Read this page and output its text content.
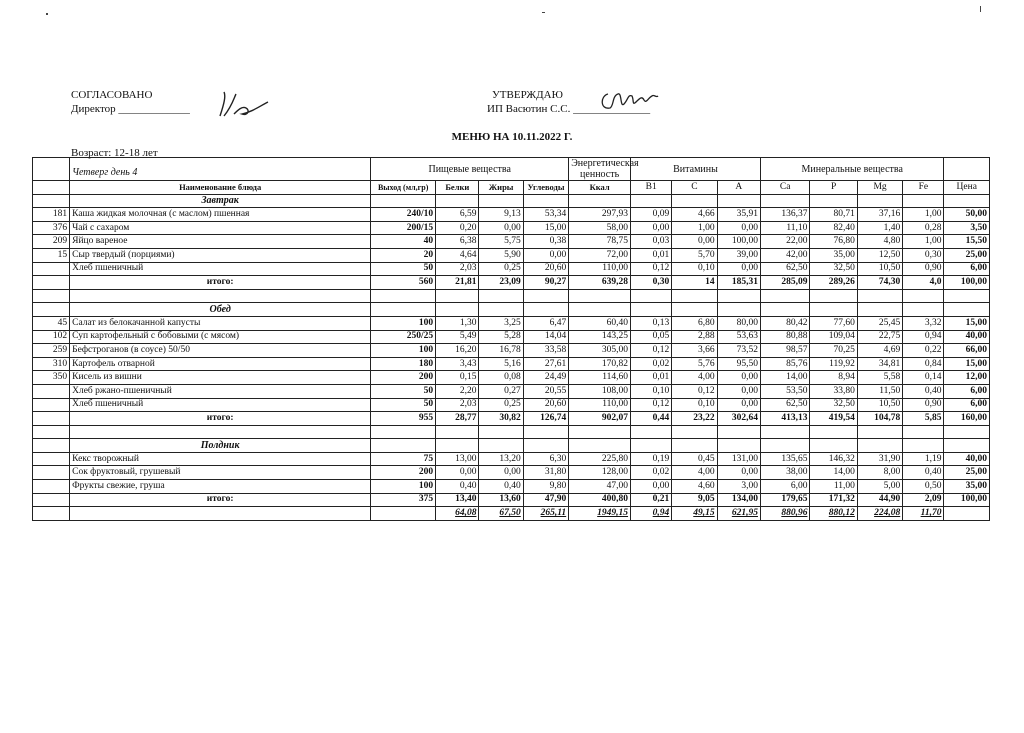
СОГЛАСОВАНО
Директор _____________
УТВЕРЖДАЮ
ИП Васютин С.С. ______________
МЕНЮ НА 10.11.2022 Г.
Возраст: 12-18 лет
	Четверг день 4	Пищевые вещества				Энергетическая ценность	Витамины			Минеральные вещества				
	Наименование блюда	Выход (мл,гр)	Белки	Жиры	Углеводы	Ккал	B1	C	A	Ca	P	Mg	Fe	Цена
	Завтрак													
181	Каша жидкая молочная (с маслом) пшенная	240/10	6,59	9,13	53,34	297,93	0,09	4,66	35,91	136,37	80,71	37,16	1,00	50,00
376	Чай с сахаром	200/15	0,20	0,00	15,00	58,00	0,00	1,00	0,00	11,10	82,40	1,40	0,28	3,50
209	Яйцо вареное	40	6,38	5,75	0,38	78,75	0,03	0,00	100,00	22,00	76,80	4,80	1,00	15,50
15	Сыр твердый (порциями)	20	4,64	5,90	0,00	72,00	0,01	5,70	39,00	42,00	35,00	12,50	0,30	25,00
	Хлеб пшеничный	50	2,03	0,25	20,60	110,00	0,12	0,10	0,00	62,50	32,50	10,50	0,90	6,00
	итого:	560	21,81	23,09	90,27	639,28	0,30	14	185,31	285,09	289,26	74,30	4,0	100,00

	Обед													
45	Салат из белокачанной капусты	100	1,30	3,25	6,47	60,40	0,13	6,80	80,00	80,42	77,60	25,45	3,32	15,00
102	Суп картофельный с бобовыми (с мясом)	250/25	5,49	5,28	14,04	143,25	0,05	2,88	53,63	80,88	109,04	22,75	0,94	40,00
259	Бефстроганов (в соусе) 50/50	100	16,20	16,78	33,58	305,00	0,12	3,66	73,52	98,57	70,25	4,69	0,22	66,00
310	Картофель отварной	180	3,43	5,16	27,61	170,82	0,02	5,76	95,50	85,76	119,92	34,81	0,84	15,00
350	Кисель из вишни	200	0,15	0,08	24,49	114,60	0,01	4,00	0,00	14,00	8,94	5,58	0,14	12,00
	Хлеб ржано-пшеничный	50	2,20	0,27	20,55	108,00	0,10	0,12	0,00	53,50	33,80	11,50	0,40	6,00
	Хлеб пшеничный	50	2,03	0,25	20,60	110,00	0,12	0,10	0,00	62,50	32,50	10,50	0,90	6,00
	итого:	955	28,77	30,82	126,74	902,07	0,44	23,22	302,64	413,13	419,54	104,78	5,85	160,00

	Полдник													
	Кекс творожный	75	13,00	13,20	6,30	225,80	0,19	0,45	131,00	135,65	146,32	31,90	1,19	40,00
	Сок фруктовый, грушевый	200	0,00	0,00	31,80	128,00	0,02	4,00	0,00	38,00	14,00	8,00	0,40	25,00
	Фрукты свежие, груша	100	0,40	0,40	9,80	47,00	0,00	4,60	3,00	6,00	11,00	5,00	0,50	35,00
	итого:	375	13,40	13,60	47,90	400,80	0,21	9,05	134,00	179,65	171,32	44,90	2,09	100,00
			64,08	67,50	265,11	1949,15	0,94	49,15	621,95	880,96	880,12	224,08	11,70	
